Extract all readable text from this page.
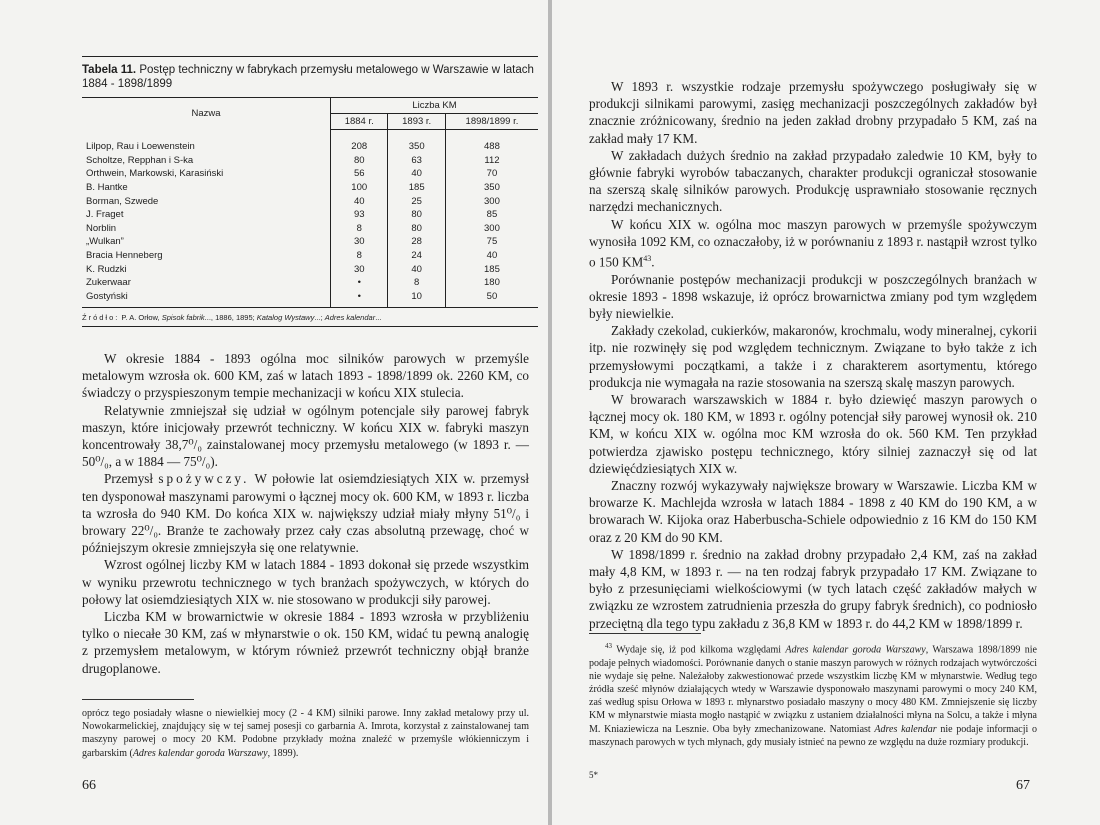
Tabela 11. Postęp techniczny w fabrykach przemysłu metalowego w Warszawie w latach 1884 - 1898/1899

Nazwa	Liczba KM		
	1884 r.	1893 r.	1898/1899 r.
Lilpop, Rau i Loewenstein	208	350	488
Scholtze, Repphan i S-ka	80	63	112
Orthwein, Markowski, Karasiński	56	40	70
B. Hantke	100	185	350
Borman, Szwede	40	25	300
J. Fraget	93	80	85
Norblin	8	80	300
„Wulkan”	30	28	75
Bracia Henneberg	8	24	40
K. Rudzki	30	40	185
Zukerwaar	•	8	180
Gostyński	•	10	50
Źródło: P. A. Orłow, Spisok fabrik..., 1886, 1895; Katalog Wystawy...; Adres kalendar...

W okresie 1884 - 1893 ogólna moc silników parowych w przemyśle metalowym wzrosła ok. 600 KM, zaś w latach 1893 - 1898/1899 ok. 2260 KM, co świadczy o przyspieszonym tempie mechanizacji w końcu XIX stulecia.

Relatywnie zmniejszał się udział w ogólnym potencjale siły parowej fabryk maszyn, które inicjowały przewrót techniczny. W końcu XIX w. fabryki maszyn koncentrowały 38,7⁰/₀ zainstalowanej mocy przemysłu metalowego (w 1893 r. — 50⁰/₀, a w 1884 — 75⁰/₀).

Przemysł spożywczy. W połowie lat osiemdziesiątych XIX w. przemysł ten dysponował maszynami parowymi o łącznej mocy ok. 600 KM, w 1893 r. liczba ta wzrosła do 940 KM. Do końca XIX w. największy udział miały młyny 51⁰/₀ i browary 22⁰/₀. Branże te zachowały przez cały czas absolutną przewagę, choć w późniejszym okresie zmniejszyła się one relatywnie.

Wzrost ogólnej liczby KM w latach 1884 - 1893 dokonał się przede wszystkim w wyniku przewrotu technicznego w tych branżach spożywczych, w których do połowy lat osiemdziesiątych XIX w. nie stosowano w produkcji siły parowej.

Liczba KM w browarnictwie w okresie 1884 - 1893 wzrosła w przybliżeniu tylko o niecałe 30 KM, zaś w młynarstwie o ok. 150 KM, widać tu pewną analogię z przemysłem metalowym, w którym również przewrót techniczny objął branże drugoplanowe.

oprócz tego posiadały własne o niewielkiej mocy (2 - 4 KM) silniki parowe. Inny zakład metalowy przy ul. Nowokarmelickiej, znajdujący się w tej samej posesji co garbarnia A. Imrota, korzystał z zainstalowanej tam maszyny parowej o mocy 20 KM. Podobne przykłady można znaleźć w przemyśle włókienniczym i garbarskim (Adres kalendar goroda Warszawy, 1899).

66

W 1893 r. wszystkie rodzaje przemysłu spożywczego posługiwały się w produkcji silnikami parowymi, zasięg mechanizacji poszczególnych zakładów był znacznie zróżnicowany, średnio na jeden zakład drobny przypadało 5 KM, zaś na zakład mały 17 KM.

W zakładach dużych średnio na zakład przypadało zaledwie 10 KM, były to głównie fabryki wyrobów tabaczanych, charakter produkcji ograniczał stosowanie na szerszą skalę silników parowych. Produkcję usprawniało stosowanie ręcznych narzędzi mechanicznych.

W końcu XIX w. ogólna moc maszyn parowych w przemyśle spożywczym wynosiła 1092 KM, co oznaczałoby, iż w porównaniu z 1893 r. nastąpił wzrost tylko o 150 KM$^{43}$.

Porównanie postępów mechanizacji produkcji w poszczególnych branżach w okresie 1893 - 1898 wskazuje, iż oprócz browarnictwa zmiany pod tym względem były niewielkie.

Zakłady czekolad, cukierków, makaronów, krochmalu, wody mineralnej, cykorii itp. nie rozwinęły się pod względem technicznym. Związane to było także z ich przemysłowymi początkami, a także i z charakterem asortymentu, którego produkcja nie wymagała na razie stosowania na szerszą skalę maszyn parowych.

W browarach warszawskich w 1884 r. było dziewięć maszyn parowych o łącznej mocy ok. 180 KM, w 1893 r. ogólny potencjał siły parowej wynosił ok. 210 KM, w końcu XIX w. ogólna moc KM wzrosła do ok. 560 KM. Ten przykład potwierdza zjawisko postępu technicznego, który silniej zaznaczył się od lat dziewięćdziesiątych XIX w.

Znaczny rozwój wykazywały największe browary w Warszawie. Liczba KM w browarze K. Machlejda wzrosła w latach 1884 - 1898 z 40 KM do 190 KM, a w browarach W. Kijoka oraz Haberbuscha-Schiele odpowiednio z 16 KM do 150 KM oraz z 20 KM do 90 KM.

W 1898/1899 r. średnio na zakład drobny przypadało 2,4 KM, zaś na zakład mały 4,8 KM, w 1893 r. — na ten rodzaj fabryk przypadało 17 KM. Związane to było z przesunięciami wielkościowymi (w tych latach część zakładów małych w związku ze wzrostem zatrudnienia przeszła do grupy fabryk średnich), co podniosło przeciętną dla tego typu zakładu z 36,8 KM w 1893 r. do 44,2 KM w 1898/1899 r.

$^{43}$ Wydaje się, iż pod kilkoma względami Adres kalendar goroda Warszawy, Warszawa 1898/1899 nie podaje pełnych wiadomości. Porównanie danych o stanie maszyn parowych w różnych rodzajach wytwórczości nie wydaje się pełne. Należałoby zakwestionować przede wszystkim liczbę KM w młynarstwie. Według tego źródła sześć młynów działających wtedy w Warszawie dysponowało maszynami parowymi o mocy 240 KM, zaś według spisu Orłowa w 1893 r. młynarstwo posiadało maszyny o mocy 480 KM. Zmniejszenie się liczby KM w młynarstwie miasta mogło nastąpić w związku z ustaniem działalności młyna na Solcu, a także i młyna M. Kniaziewicza na Lesznie. Oba były zmechanizowane. Natomiast Adres kalendar nie podaje informacji o maszynach parowych w tych młynach, gdy musiały istnieć na pewno ze względu na duże rozmiary produkcji.

5*
67
